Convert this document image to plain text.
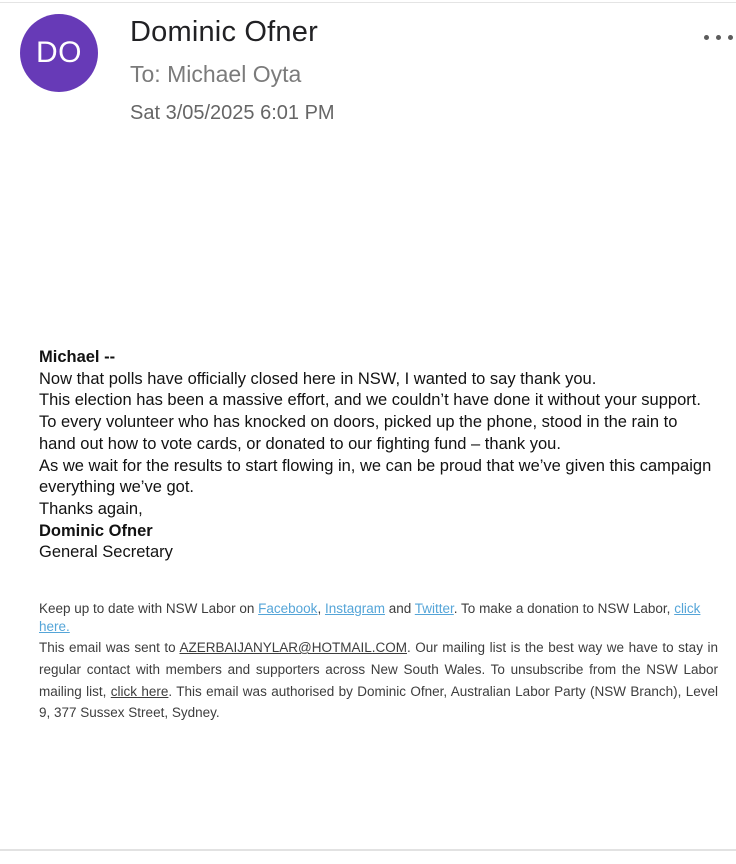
DO
Dominic Ofner
To: Michael Oyta
Sat 3/05/2025 6:01 PM

Michael --

Now that polls have officially closed here in NSW, I wanted to say thank you.

This election has been a massive effort, and we couldn’t have done it without your support.

To every volunteer who has knocked on doors, picked up the phone, stood in the rain to hand out how to vote cards, or donated to our fighting fund – thank you.

As we wait for the results to start flowing in, we can be proud that we’ve given this campaign everything we’ve got.

Thanks again,

Dominic Ofner

General Secretary

Keep up to date with NSW Labor on Facebook, Instagram and Twitter. To make a donation to NSW Labor, click here.
This email was sent to AZERBAIJANYLAR@HOTMAIL.COM. Our mailing list is the best way we have to stay in regular contact with members and supporters across New South Wales. To unsubscribe from the NSW Labor mailing list, click here. This email was authorised by Dominic Ofner, Australian Labor Party (NSW Branch), Level 9, 377 Sussex Street, Sydney.
